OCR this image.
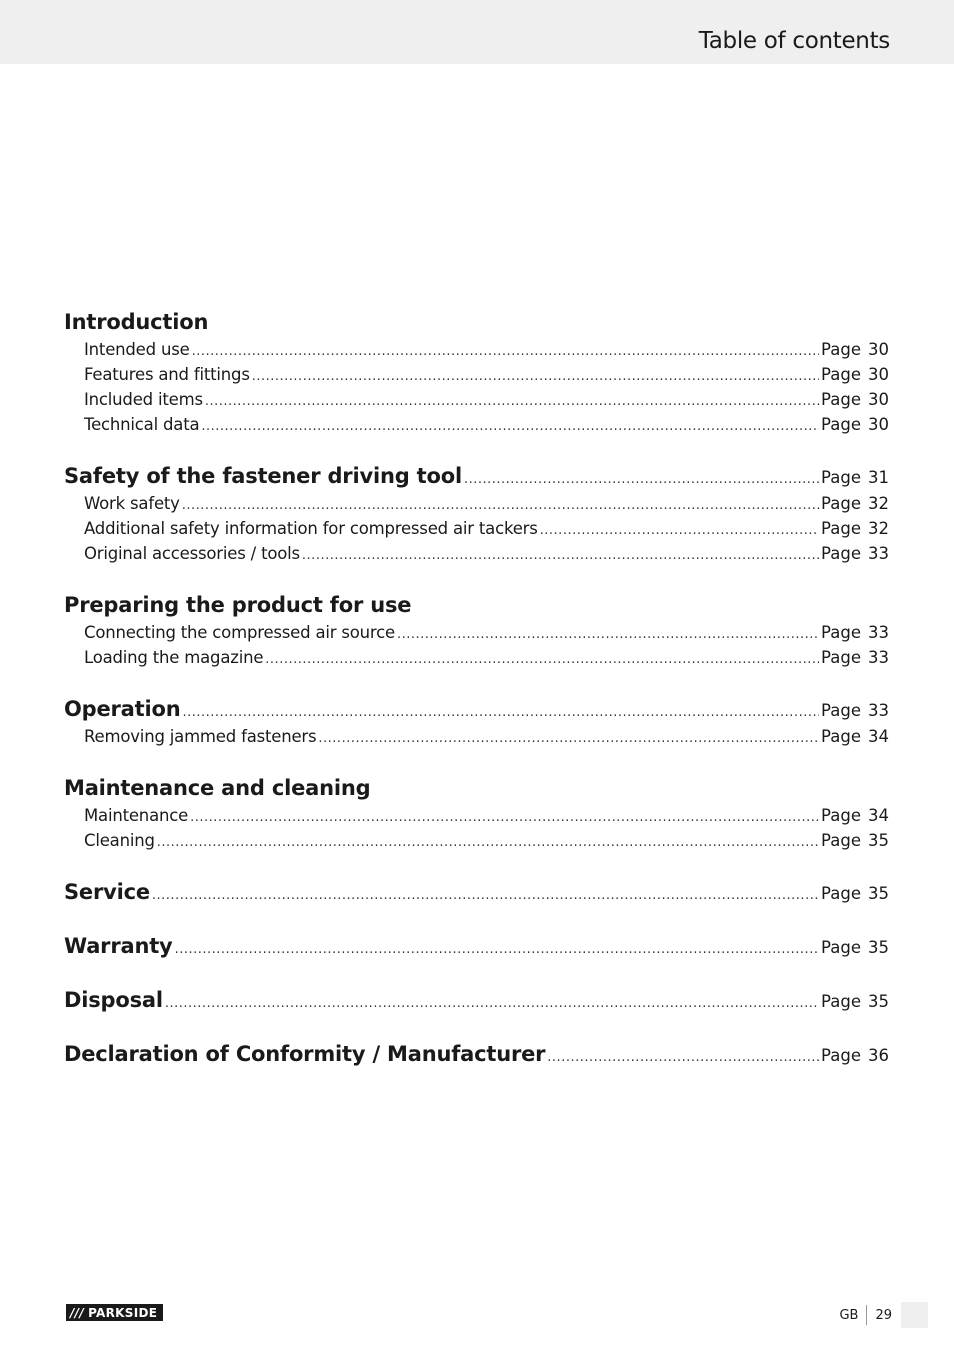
Table of contents
Introduction
Intended use .....	Page 30
Features and fittings .....	Page 30
Included items .....	Page 30
Technical data .....	Page 30
Safety of the fastener driving tool .....	Page 31
Work safety .....	Page 32
Additional safety information for compressed air tackers .....	Page 32
Original accessories / tools .....	Page 33
Preparing the product for use
Connecting the compressed air source .....	Page 33
Loading the magazine .....	Page 33
Operation .....	Page 33
Removing jammed fasteners .....	Page 34
Maintenance and cleaning
Maintenance .....	Page 34
Cleaning .....	Page 35
Service .....	Page 35
Warranty .....	Page 35
Disposal .....	Page 35
Declaration of Conformity / Manufacturer .....	Page 36
/// PARKSIDE	GB 29
